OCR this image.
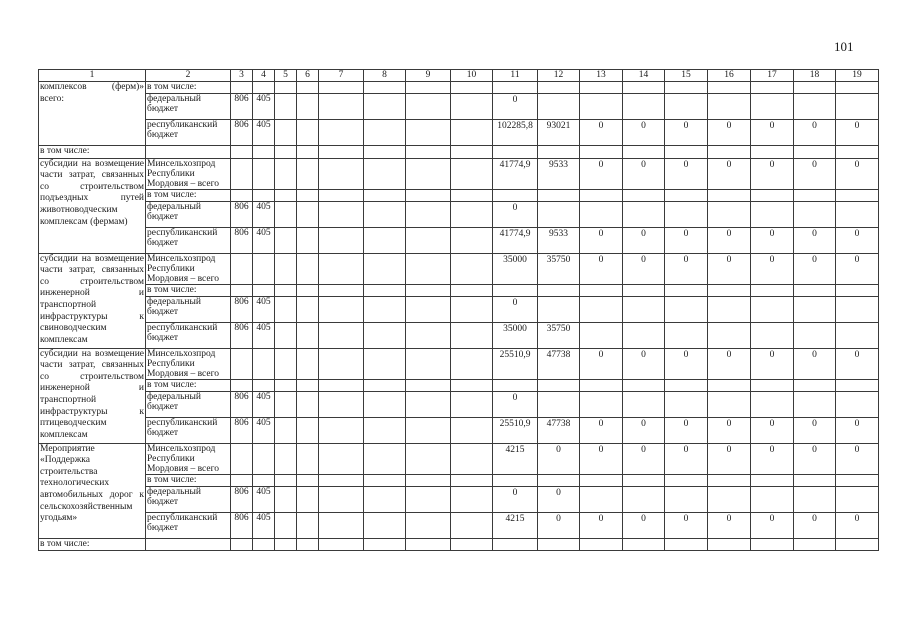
101
1	2	3	4	5	6	7	8	9	10	11	12	13	14	15	16	17	18	19
комплексов (ферм)» всего:	в том числе:																	
	федеральный бюджет	806	405							0								
	республиканский бюджет	806	405							102285,8	93021	0	0	0	0	0	0	0
в том числе:																		
субсидии на возмещение части затрат, связанных со строительством подъездных путей животноводческим комплексам (фермам)	Минсельхозпрод Республики Мордовия – всего									41774,9	9533	0	0	0	0	0	0	0
	в том числе:																	
	федеральный бюджет	806	405							0								
	республиканский бюджет	806	405							41774,9	9533	0	0	0	0	0	0	0
субсидии на возмещение части затрат, связанных со строительством инженерной и транспортной инфраструктуры к свиноводческим комплексам	Минсельхозпрод Республики Мордовия – всего									35000	35750	0	0	0	0	0	0	0
	в том числе:																	
	федеральный бюджет	806	405							0								
	республиканский бюджет	806	405							35000	35750							
субсидии на возмещение части затрат, связанных со строительством инженерной и транспортной инфраструктуры к птицеводческим комплексам	Минсельхозпрод Республики Мордовия – всего									25510,9	47738	0	0	0	0	0	0	0
	в том числе:																	
	федеральный бюджет	806	405							0								
	республиканский бюджет	806	405							25510,9	47738	0	0	0	0	0	0	0
Мероприятие «Поддержка строительства технологических автомобильных дорог к сельскохозяйственным угодьям»	Минсельхозпрод Республики Мордовия – всего									4215	0	0	0	0	0	0	0	0
	в том числе:																	
	федеральный бюджет	806	405							0	0							
	республиканский бюджет	806	405							4215	0	0	0	0	0	0	0	0
в том числе:																		
